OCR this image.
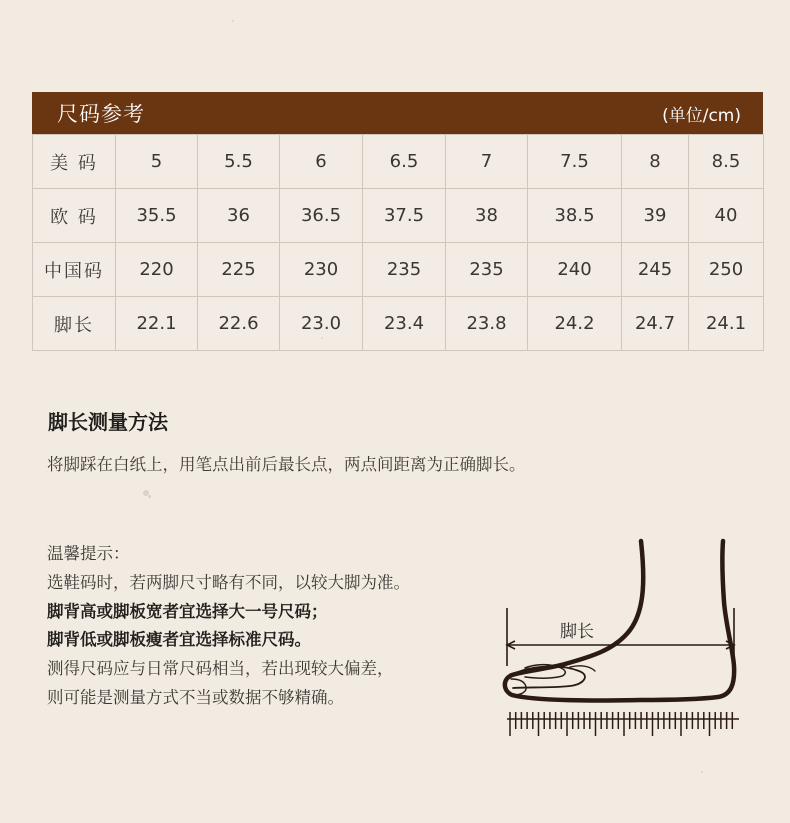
尺码参考	(单位/cm)
美 码	5	5.5	6	6.5	7	7.5	8	8.5
欧 码	35.5	36	36.5	37.5	38	38.5	39	40
中国码	220	225	230	235	235	240	245	250
脚长	22.1	22.6	23.0	23.4	23.8	24.2	24.7	24.1
脚长测量方法

将脚踩在白纸上，用笔点出前后最长点，两点间距离为正确脚长。

温馨提示：
选鞋码时，若两脚尺寸略有不同，以较大脚为准。
脚背高或脚板宽者宜选择大一号尺码；
脚背低或脚板瘦者宜选择标准尺码。
测得尺码应与日常尺码相当，若出现较大偏差，
则可能是测量方式不当或数据不够精确。
脚长
